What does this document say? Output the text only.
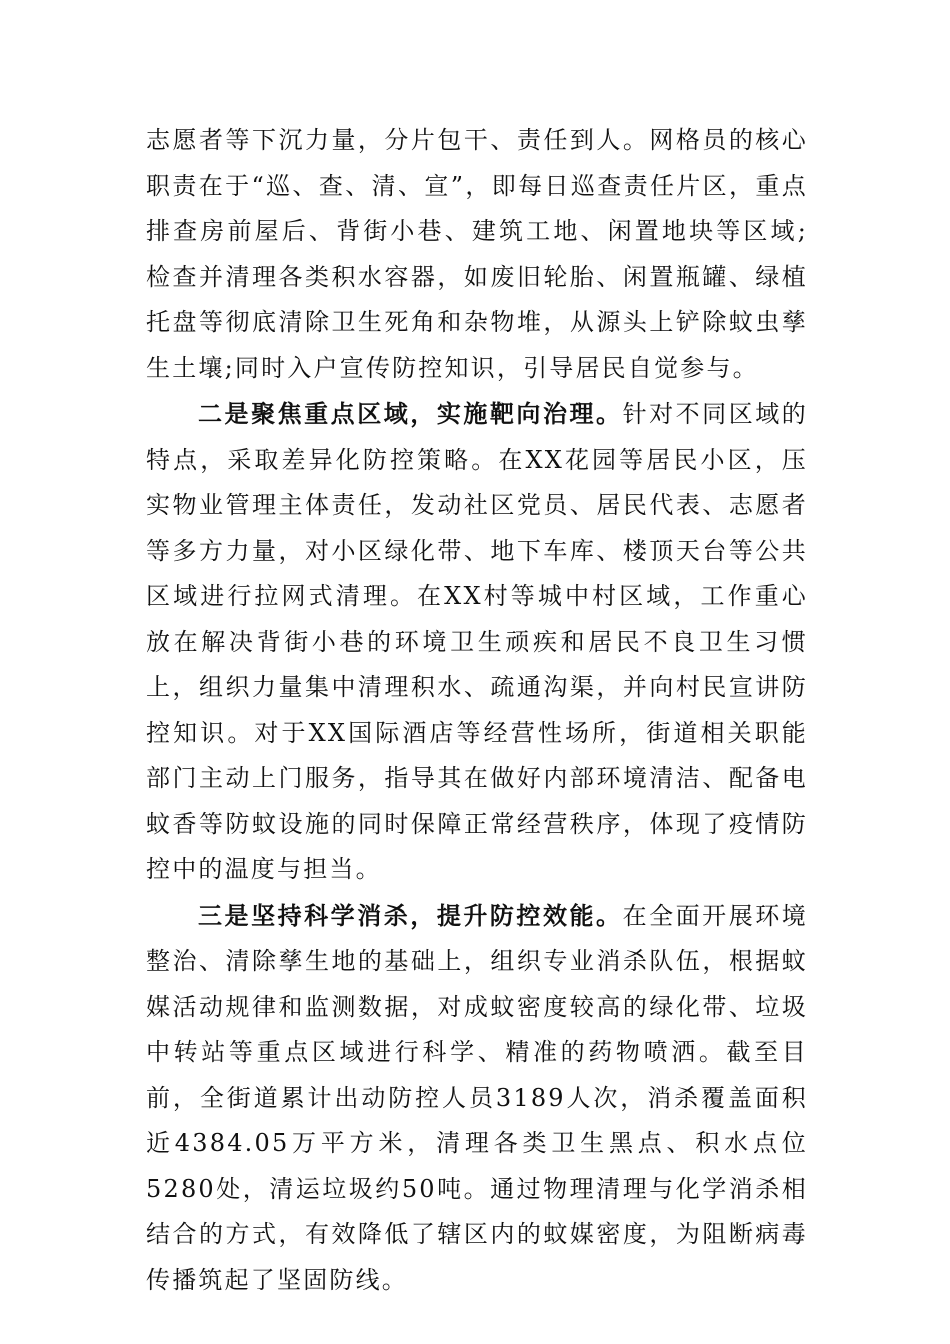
志愿者等下沉力量，分片包干、责任到人。网格员的核心职责在于“巡、查、清、宣”，即每日巡查责任片区，重点排查房前屋后、背街小巷、建筑工地、闲置地块等区域;检查并清理各类积水容器，如废旧轮胎、闲置瓶罐、绿植托盘等彻底清除卫生死角和杂物堆，从源头上铲除蚊虫孳生土壤;同时入户宣传防控知识，引导居民自觉参与。

二是聚焦重点区域，实施靶向治理。针对不同区域的特点，采取差异化防控策略。在XX花园等居民小区，压实物业管理主体责任，发动社区党员、居民代表、志愿者等多方力量，对小区绿化带、地下车库、楼顶天台等公共区域进行拉网式清理。在XX村等城中村区域，工作重心放在解决背街小巷的环境卫生顽疾和居民不良卫生习惯上，组织力量集中清理积水、疏通沟渠，并向村民宣讲防控知识。对于XX国际酒店等经营性场所，街道相关职能部门主动上门服务，指导其在做好内部环境清洁、配备电蚊香等防蚊设施的同时保障正常经营秩序，体现了疫情防控中的温度与担当。

三是坚持科学消杀，提升防控效能。在全面开展环境整治、清除孳生地的基础上，组织专业消杀队伍，根据蚊媒活动规律和监测数据，对成蚊密度较高的绿化带、垃圾中转站等重点区域进行科学、精准的药物喷洒。截至目前，全街道累计出动防控人员3189人次，消杀覆盖面积近4384.05万平方米，清理各类卫生黑点、积水点位5280处，清运垃圾约50吨。通过物理清理与化学消杀相结合的方式，有效降低了辖区内的蚊媒密度，为阻断病毒传播筑起了坚固防线。
